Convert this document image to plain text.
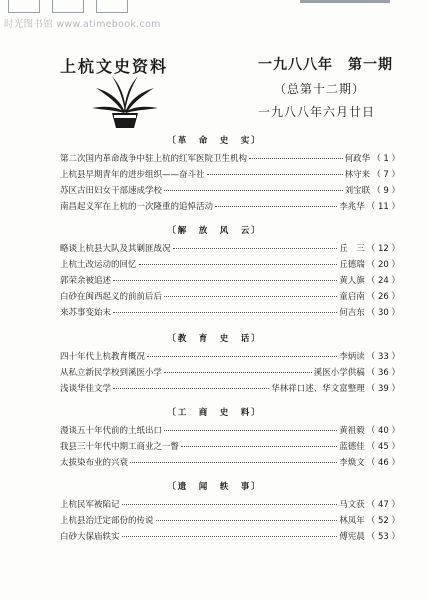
时光图书馆 www.atimebook.com
上杭文史资料	一九八八年　第一期
（总第十二期）
一九八八年六月廿日
〔革　命　史　实〕
第二次国内革命战争中驻上杭的红军医院卫生机构	何政华 （ 1 ）
上杭县早期青年的进步组织——奋斗社	林守来 （ 7 ）
苏区古田妇女干部速成学校	刘宝联 （ 9 ）
南昌起义军在上杭的一次隆重的追悼活动	李兆华 （ 11 ）
〔解　放　风　云〕
略谈上杭县大队及其剿匪战况	丘　三 （ 12 ）
上杭土改运动的回忆	丘德瑞 （ 20 ）
郭荣余被追述	黄人旗 （ 24 ）
白砂在闽西起义的前前后后	童启南 （ 26 ）
来苏事变始末	何吉东 （ 30 ）
〔教　育　史　话〕
四十年代上杭教育概况	李炳读 （ 33 ）
从私立新民学校到溪医小学	溪医小学供稿 （ 36 ）
浅谈华佳文学	华林祥口述、华文富整理 （ 39 ）
〔工　商　史　料〕
漫谈五十年代前的土纸出口	黄祖毅 （ 40 ）
我县三十年代中期工商业之一瞥	蓝德佳 （ 45 ）
太拔染布业的兴衰	李焕文 （ 46 ）
〔遗　闻　轶　事〕
上杭民军被陷记	马文获 （ 47 ）
上杭县治迁定部份的传说	林凤年 （ 52 ）
白砂大保庙轶实	傅宪晨 （ 53 ）
